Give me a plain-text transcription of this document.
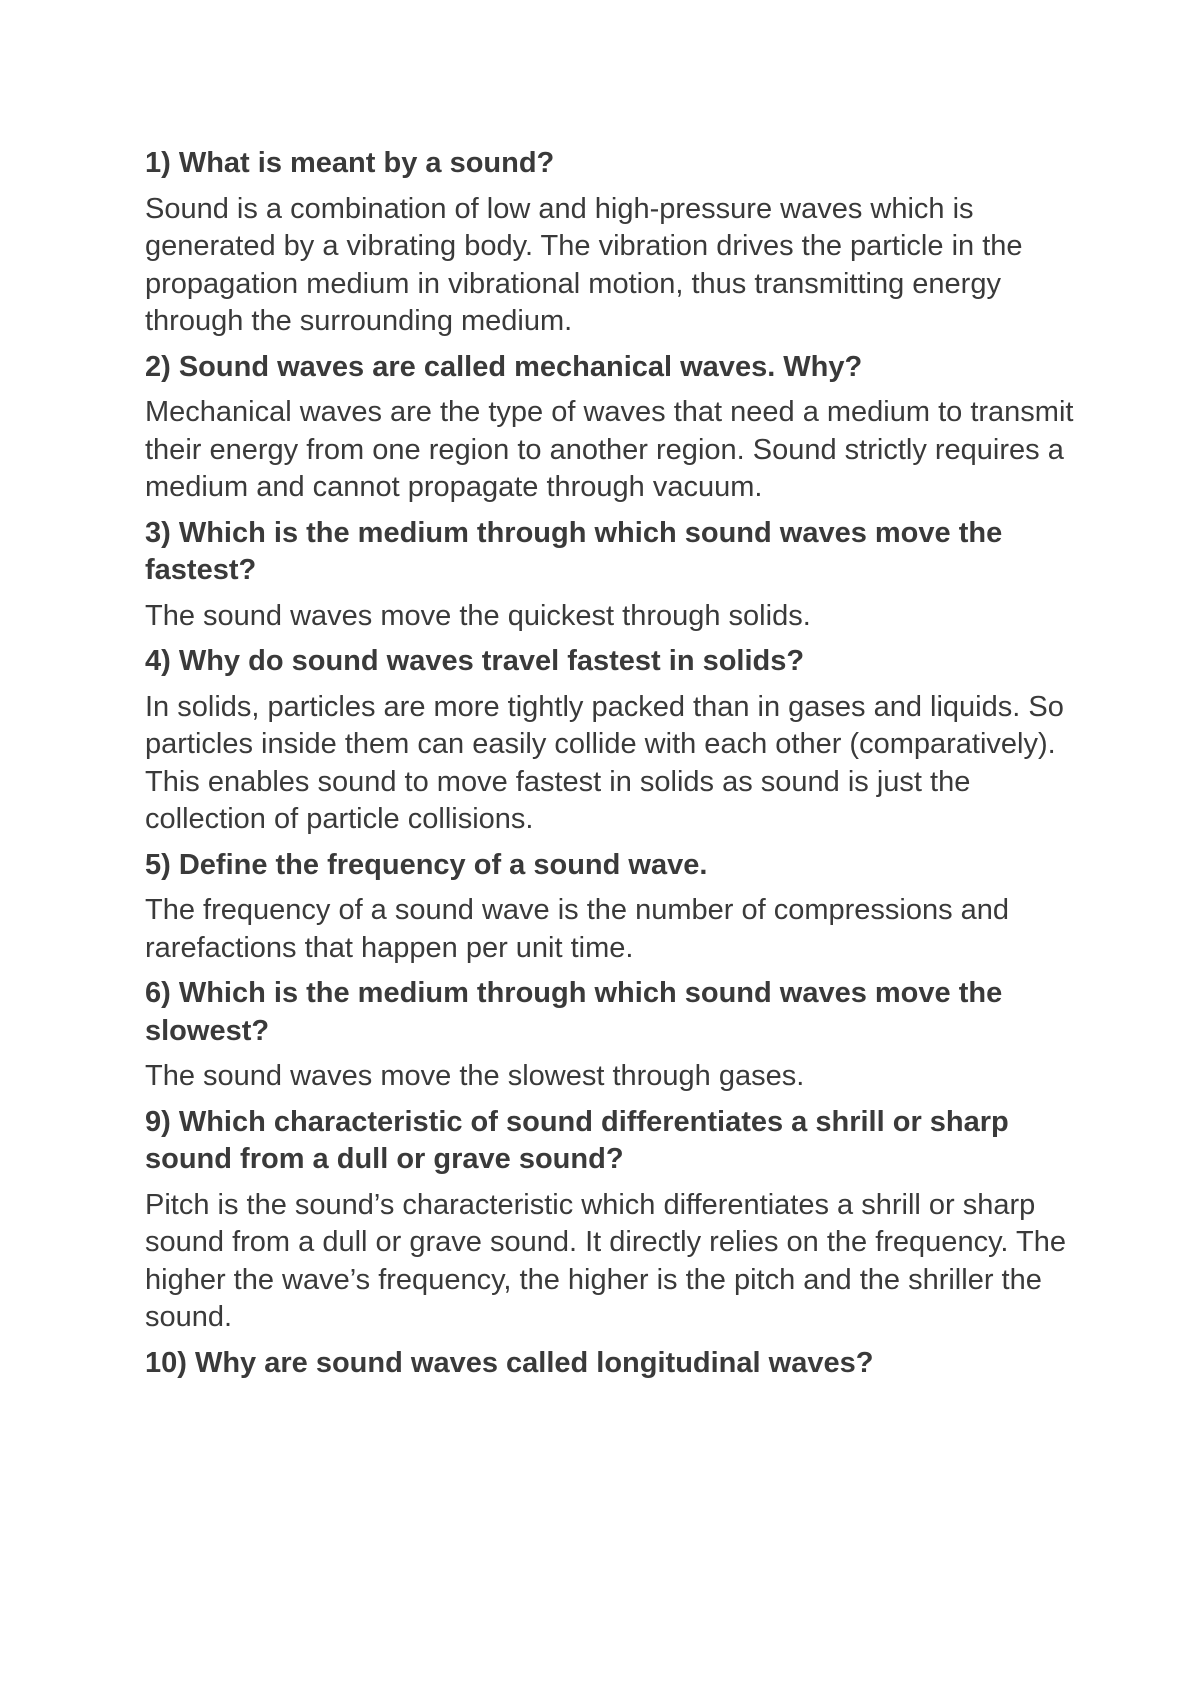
1) What is meant by a sound?

Sound is a combination of low and high-pressure waves which is generated by a vibrating body. The vibration drives the particle in the propagation medium in vibrational motion, thus transmitting energy through the surrounding medium.

2) Sound waves are called mechanical waves. Why?

Mechanical waves are the type of waves that need a medium to transmit their energy from one region to another region. Sound strictly requires a medium and cannot propagate through vacuum.

3) Which is the medium through which sound waves move the fastest?

The sound waves move the quickest through solids.

4) Why do sound waves travel fastest in solids?

In solids, particles are more tightly packed than in gases and liquids. So particles inside them can easily collide with each other (comparatively). This enables sound to move fastest in solids as sound is just the collection of particle collisions.

5) Define the frequency of a sound wave.

The frequency of a sound wave is the number of compressions and rarefactions that happen per unit time.

6) Which is the medium through which sound waves move the slowest?

The sound waves move the slowest through gases.

9) Which characteristic of sound differentiates a shrill or sharp sound from a dull or grave sound?

Pitch is the sound’s characteristic which differentiates a shrill or sharp sound from a dull or grave sound. It directly relies on the frequency. The higher the wave’s frequency, the higher is the pitch and the shriller the sound.

10) Why are sound waves called longitudinal waves?
